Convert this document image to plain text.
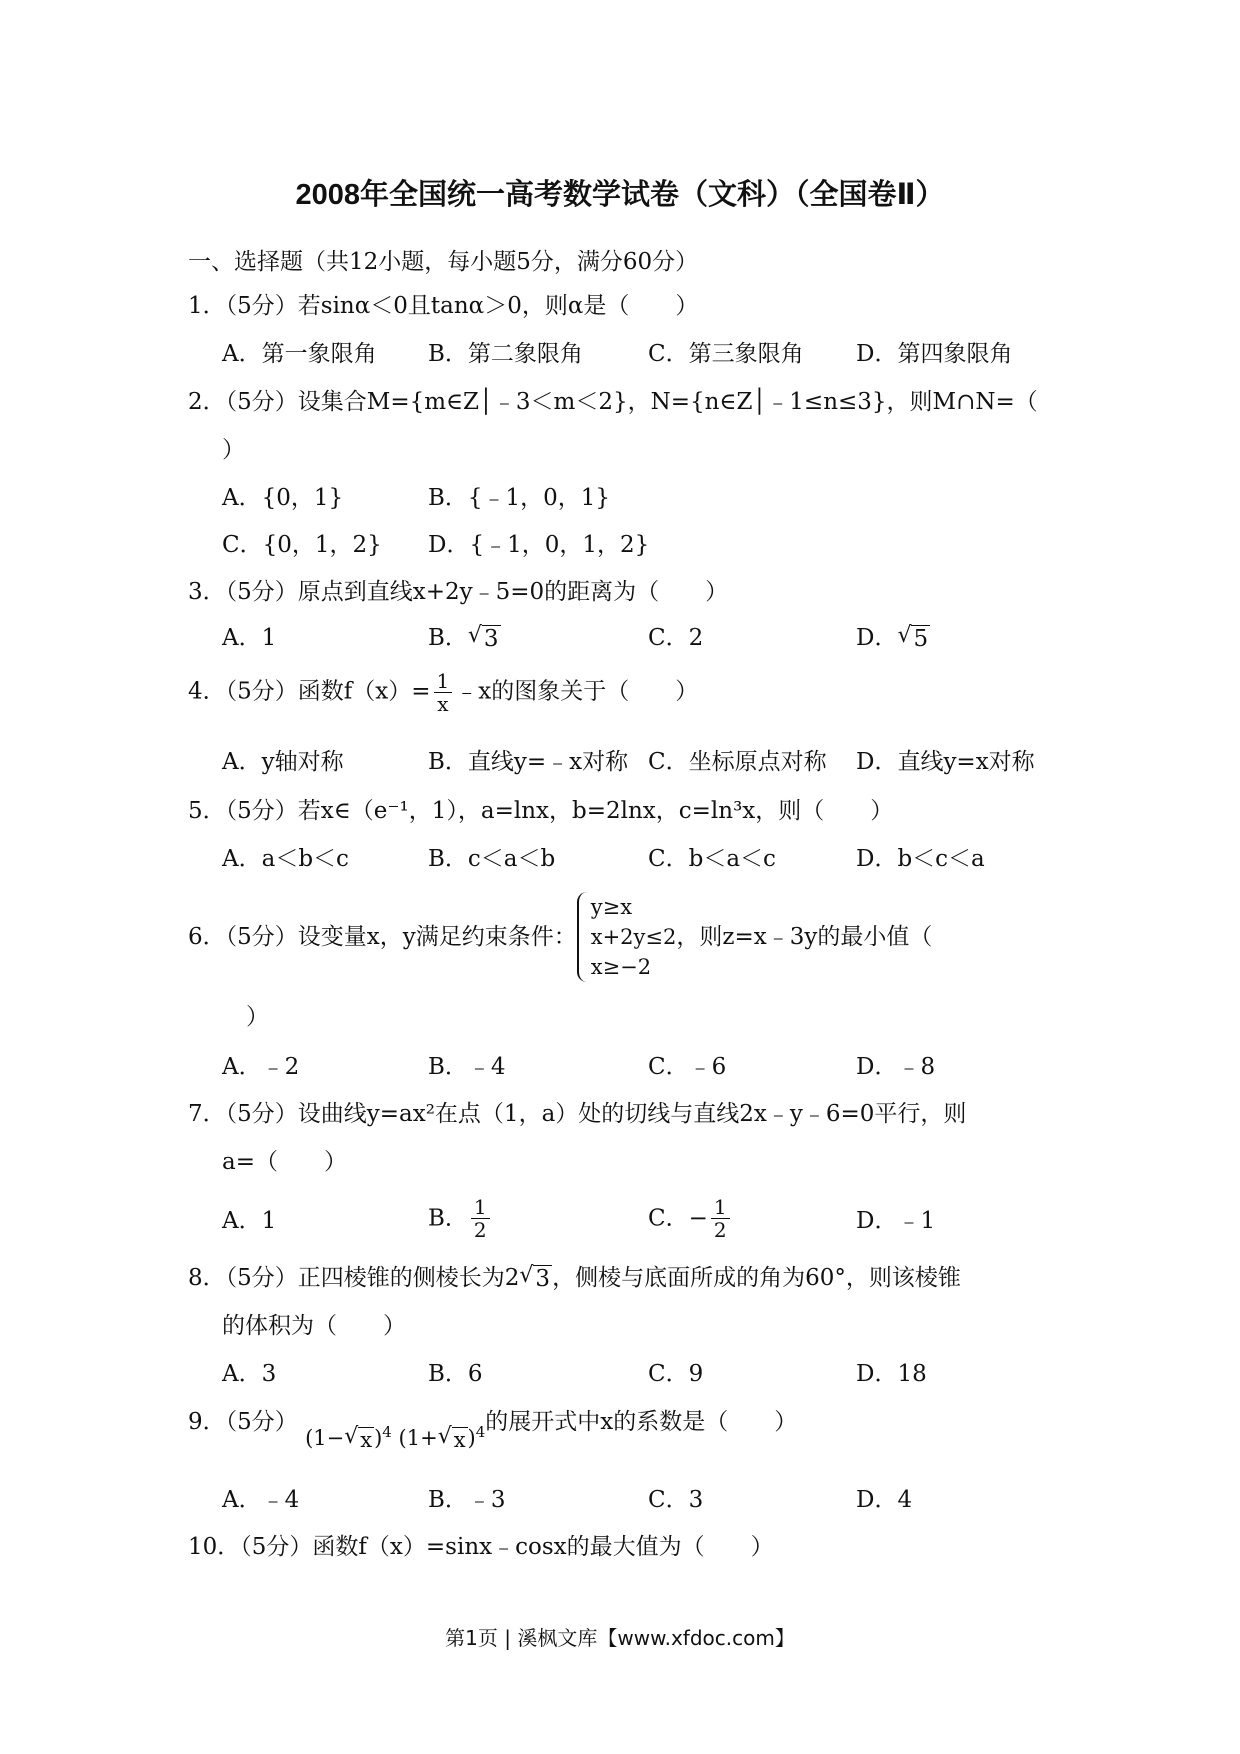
2008年全国统一高考数学试卷（文科）（全国卷Ⅱ）
一、选择题（共12小题，每小题5分，满分60分）
1．（5分）若sinα＜0且tanα＞0，则α是（　　）
A．第一象限角 B．第二象限角	C．第三象限角 D．第四象限角
2．（5分）设集合M={m∈Z│﹣3＜m＜2}，N={n∈Z│﹣1≤n≤3}，则M∩N=（
）
A．{0，1}	B．{﹣1，0，1}
C．{0，1，2} D．{﹣1，0，1，2}
3．（5分）原点到直线x+2y﹣5=0的距离为（　　）
A．1	B． √ 3	C．2	D． √ 5
4．（5分）函数$f(x)= \frac{1}{x}$ ﹣x的图象关于（　　）
A．y轴对称	B．直线y=﹣x对称 C．坐标原点对称 D．直线y=x对称
5．（5分）若x∈（e⁻¹，1），a=lnx，b=2lnx，c=ln³x，则（　　）
A．a＜b＜c	B．c＜a＜b	C．b＜a＜c	D．b＜c＜a
6．（5分）设变量x，y满足约束条件：
y≥x
x+2y≤2
x≥−2
，则z=x﹣3y的最小值（
）
A．﹣2	B．﹣4	C．﹣6	D．﹣8
7．（5分）设曲线y=ax²在点（1，a）处的切线与直线2x﹣y﹣6=0平行，则
a=（　　）
A．1	B． $\frac{1}{2}$	C．− $\frac{1}{2}$	D．﹣1
8．（5分）正四棱锥的侧棱长为2 √ 3，侧棱与底面所成的角为60°，则该棱锥
的体积为（　　）
A．3	B．6	C．9	D．18
9．（5分） (1− √ x)$^4$ (1+ √ x)$^4$的展开式中x的系数是（　　）
A．﹣4	B．﹣3	C．3	D．4
10．（5分）函数f（x）=sinx﹣cosx的最大值为（　　）
第1页 | 溪枫文库【www.xfdoc.com】
